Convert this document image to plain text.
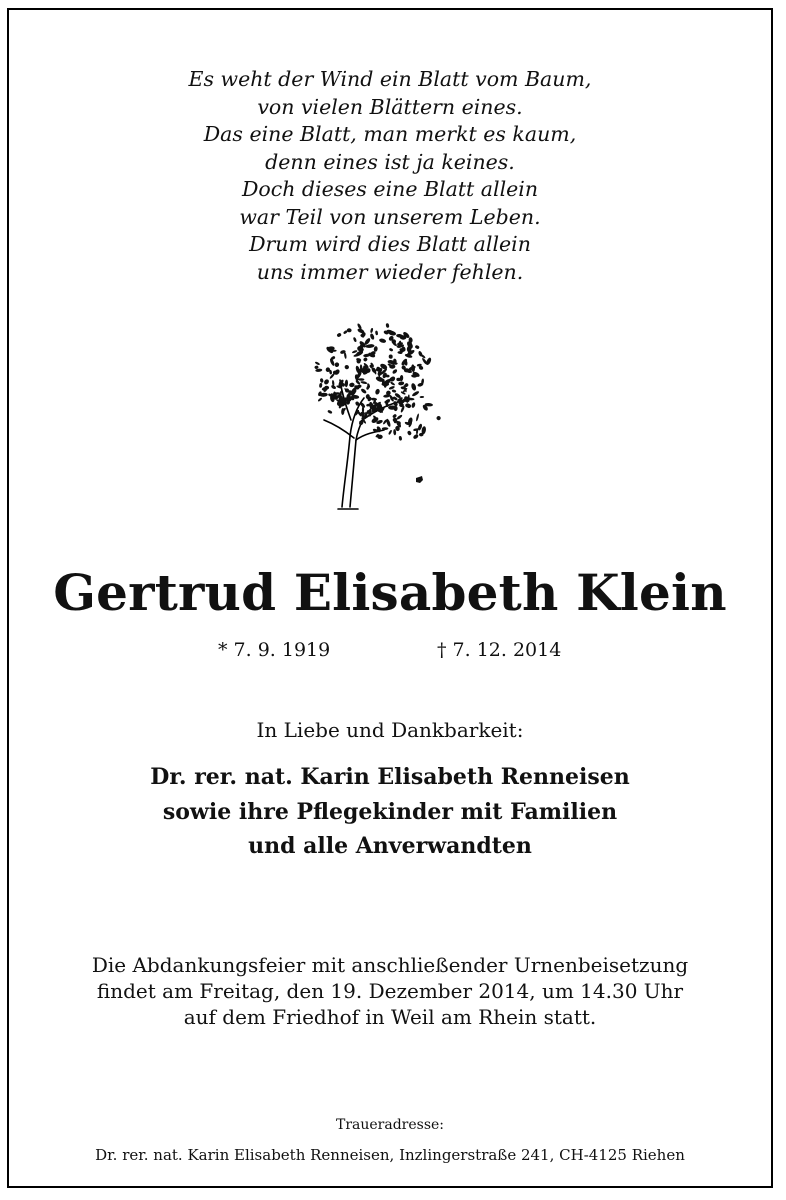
Es weht der Wind ein Blatt vom Baum,
von vielen Blättern eines.
Das eine Blatt, man merkt es kaum,
denn eines ist ja keines.
Doch dieses eine Blatt allein
war Teil von unserem Leben.
Drum wird dies Blatt allein
uns immer wieder fehlen.
Gertrud Elisabeth Klein
* 7. 9. 1919	† 7. 12. 2014
In Liebe und Dankbarkeit:
Dr. rer. nat. Karin Elisabeth Renneisen
sowie ihre Pflegekinder mit Familien
und alle Anverwandten
Die Abdankungsfeier mit anschließender Urnenbeisetzung
findet am Freitag, den 19. Dezember 2014, um 14.30 Uhr
auf dem Friedhof in Weil am Rhein statt.
Traueradresse:
Dr. rer. nat. Karin Elisabeth Renneisen, Inzlingerstraße 241, CH-4125 Riehen
